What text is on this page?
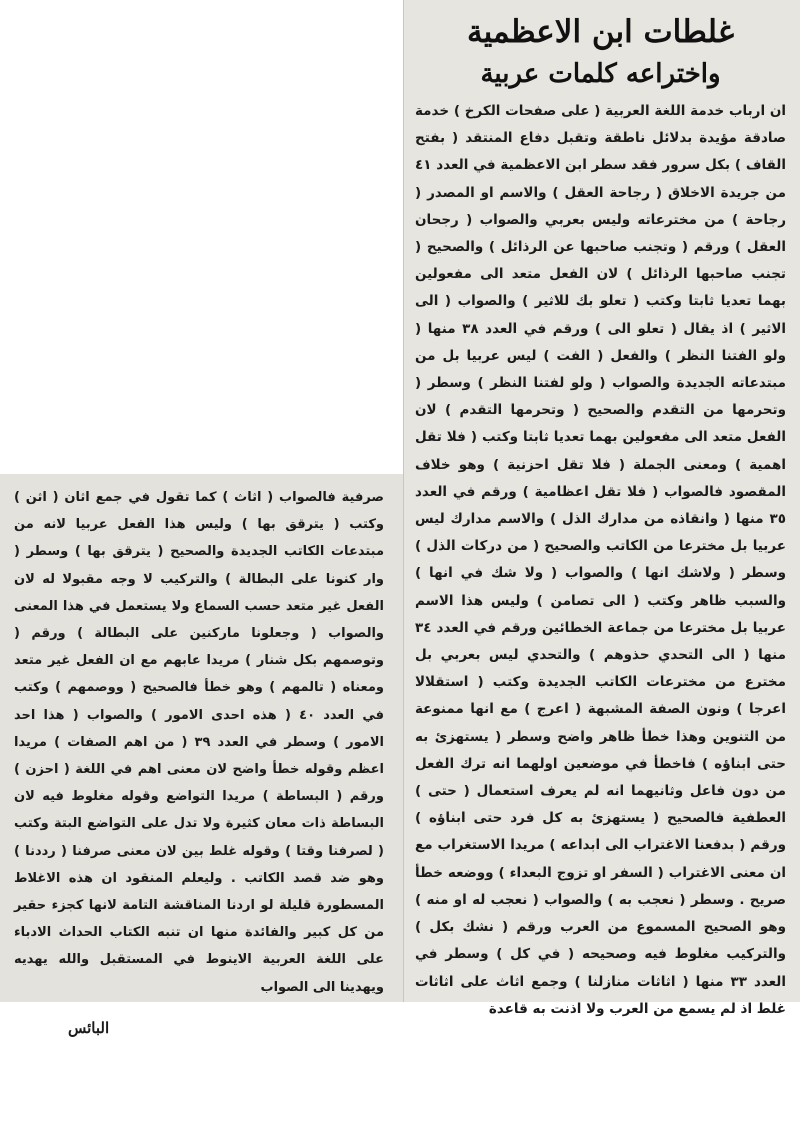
صرفية فالصواب ( اثاث ) كما تقول في جمع اثان ( اثن ) وكتب ( يترقق بها ) وليس هذا الفعل عربيا لانه من مبتدعات الكاتب الجديدة والصحيح ( يترقق بها ) وسطر ( وار كنونا على البطالة ) والتركيب لا وجه مقبولا له لان الفعل غير متعد حسب السماع ولا يستعمل في هذا المعنى والصواب ( وجعلونا ماركنين على البطالة ) ورقم ( وتوصمهم بكل شنار ) مريدا عابهم مع ان الفعل غير متعد ومعناه ( تالمهم ) وهو خطأ فالصحيح ( ووصمهم ) وكتب في العدد ٤٠ ( هذه احدى الامور ) والصواب ( هذا احد الامور ) وسطر في العدد ٣٩ ( من اهم الصفات ) مريدا اعظم وقوله خطأ واضح لان معنى اهم في اللغة ( احزن ) ورقم ( البساطة ) مريدا التواضع وقوله مغلوط فيه لان البساطة ذات معان كثيرة ولا تدل على التواضع البتة وكتب ( لصرفنا وقتا ) وقوله غلط بين لان معنى صرفنا ( رددنا ) وهو ضد قصد الكاتب . وليعلم المنقود ان هذه الاغلاط المسطورة قليلة لو اردنا المناقشة التامة لانها كجزء حقير من كل كبير والفائدة منها ان تنبه الكتاب الحداث الادباء على اللغة العربية الاينوط في المستقبل والله يهديه ويهدينا الى الصواب

البائس

غلطات ابن الاعظمية
واختراعه كلمات عربية

ان ارباب خدمة اللغة العربية ( على صفحات الكرخ ) خدمة صادقة مؤيدة بدلائل ناطقة وتقبل دفاع المنتقد ( بفتح القاف ) بكل سرور فقد سطر ابن الاعظمية في العدد ٤١ من جريدة الاخلاق ( رجاحة العقل ) والاسم او المصدر ( رجاحة ) من مخترعاته وليس بعربي والصواب ( رجحان العقل ) ورقم ( وتجنب صاحبها عن الرذائل ) والصحيح ( تجنب صاحبها الرذائل ) لان الفعل متعد الى مفعولين بهما تعديا ثابتا وكتب ( تعلو بك للاثير ) والصواب ( الى الاثير ) اذ يقال ( تعلو الى ) ورقم في العدد ٣٨ منها ( ولو الفتنا النظر ) والفعل ( الفت ) ليس عربيا بل من مبتدعاته الجديدة والصواب ( ولو لفتنا النظر ) وسطر ( وتحرمها من التقدم والصحيح ( وتحرمها التقدم ) لان الفعل متعد الى مفعولين بهما تعديا ثابتا وكتب ( فلا تقل اهمية ) ومعنى الجملة ( فلا تقل احزنية ) وهو خلاف المقصود فالصواب ( فلا تقل اعظامية ) ورقم في العدد ٣٥ منها ( وانقاذه من مدارك الذل ) والاسم مدارك ليس عربيا بل مخترعا من الكاتب والصحيح ( من دركات الذل ) وسطر ( ولاشك انها ) والصواب ( ولا شك في انها ) والسبب ظاهر وكتب ( الى تصامن ) وليس هذا الاسم عربيا بل مخترعا من جماعة الخطائين ورقم في العدد ٣٤ منها ( الى التحدي حذوهم ) والتحدي ليس بعربي بل مخترع من مخترعات الكاتب الجديدة وكتب ( استقلالا اعرجا ) ونون الصفة المشبهة ( اعرج ) مع انها ممنوعة من التنوين وهذا خطأ ظاهر واضح وسطر ( يستهزئ به حتى ابناؤه ) فاخطأ في موضعين اولهما انه ترك الفعل من دون فاعل وثانيهما انه لم يعرف استعمال ( حتى ) العطفية فالصحيح ( يستهزئ به كل فرد حتى ابناؤه ) ورقم ( بدفعنا الاغتراب الى ابداعه ) مريدا الاستغراب مع ان معنى الاغتراب ( السفر او تزوج البعداء ) ووضعه خطأ صريح . وسطر ( نعجب به ) والصواب ( نعجب له او منه ) وهو الصحيح المسموع من العرب ورقم ( نشك بكل ) والتركيب مغلوط فيه وصحيحه ( في كل ) وسطر في العدد ٣٣ منها ( اثاثات منازلنا ) وجمع اثاث على اثاثات غلط اذ لم يسمع من العرب ولا اذنت به قاعدة
